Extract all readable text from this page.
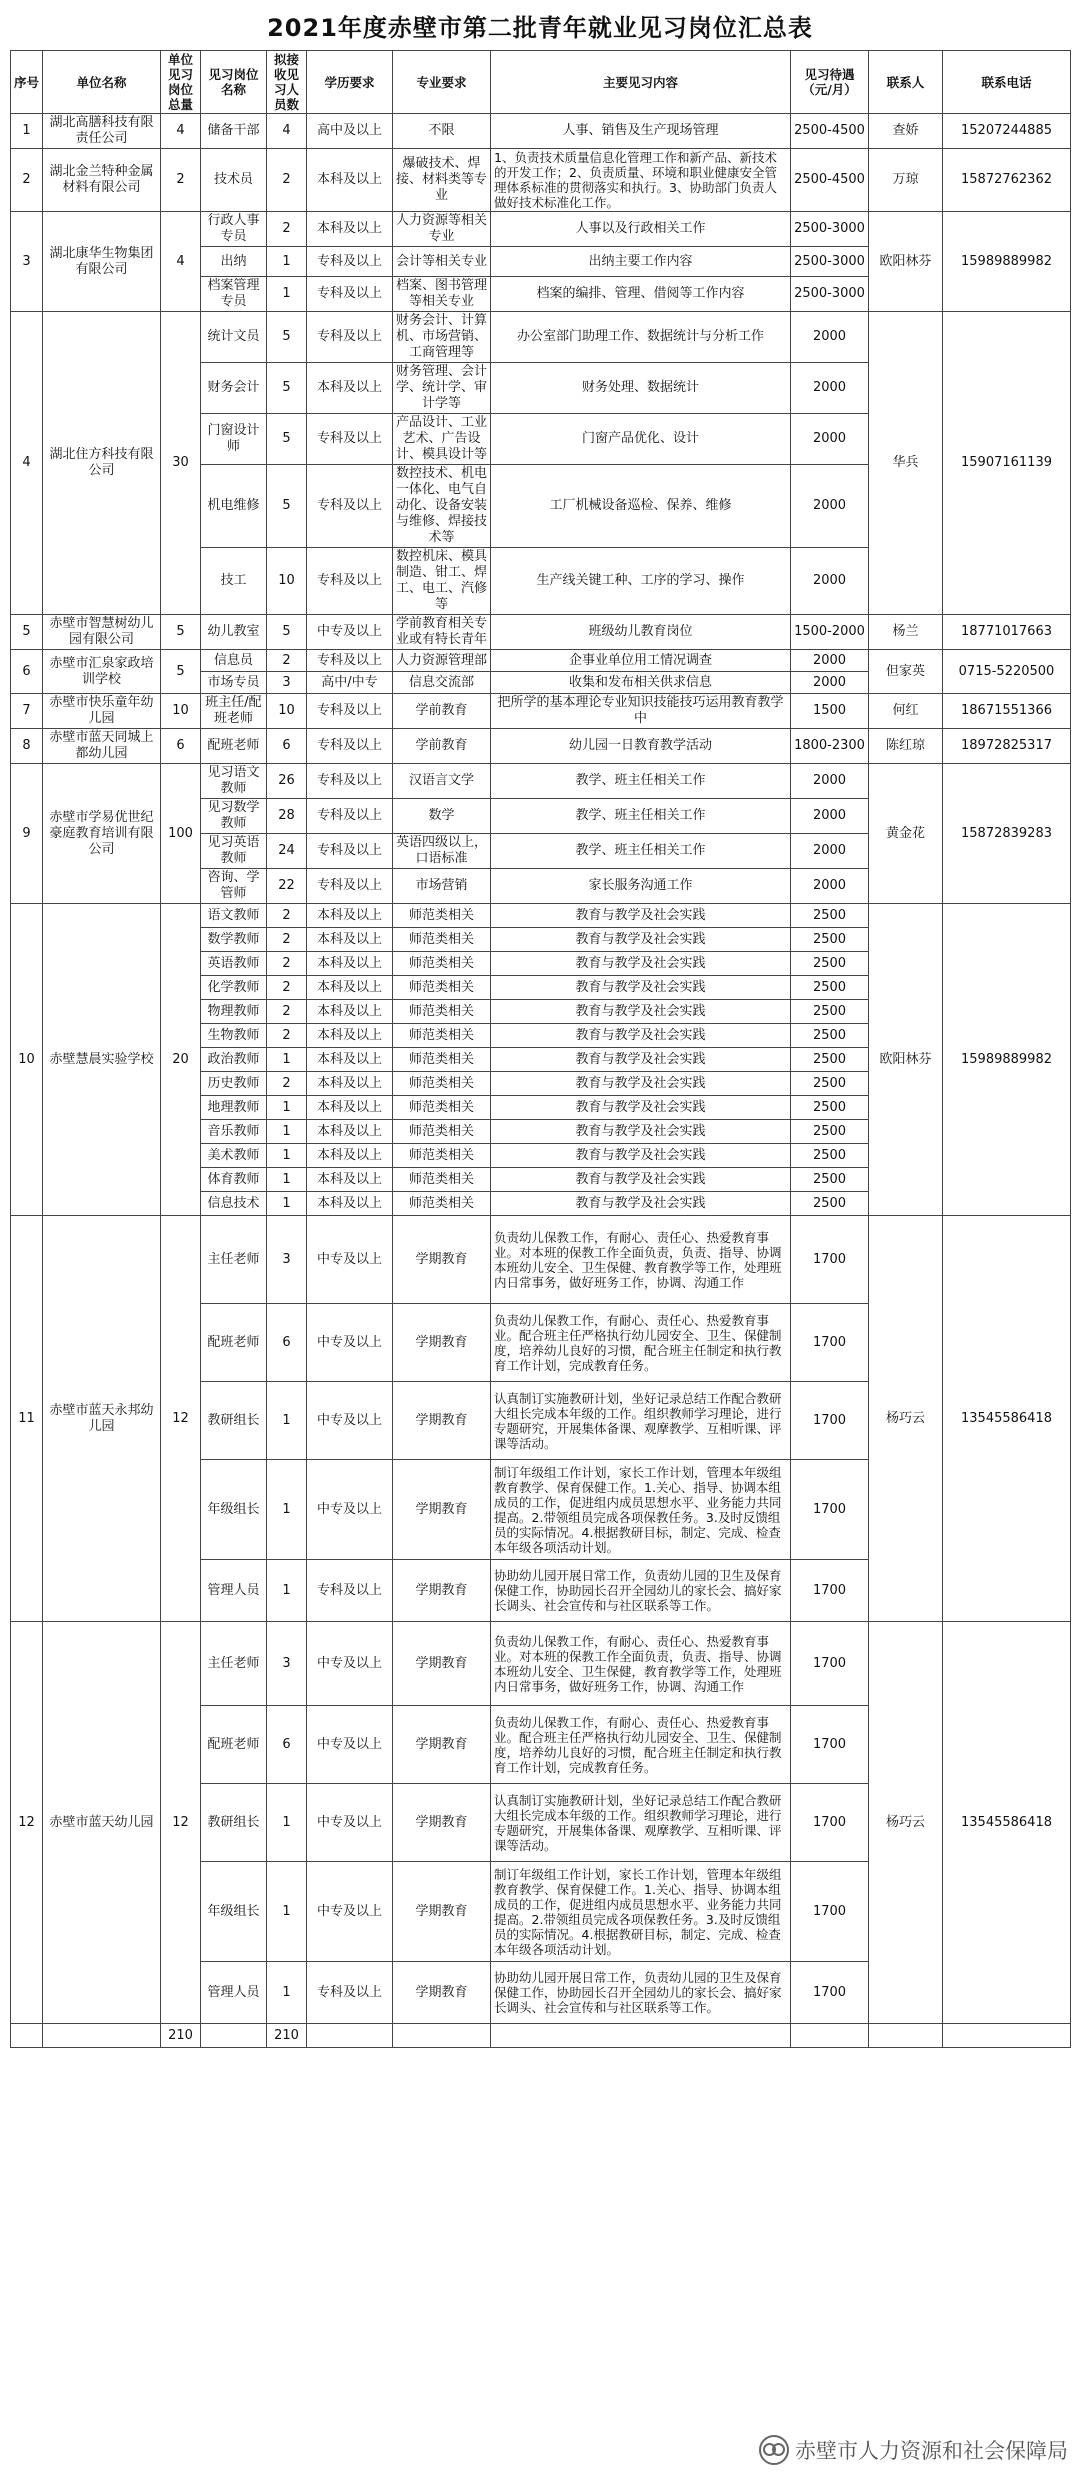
2021年度赤壁市第二批青年就业见习岗位汇总表
序号	单位名称	单位见习岗位总量	见习岗位名称	拟接收见习人员数	学历要求	专业要求	主要见习内容	见习待遇（元/月）	联系人	联系电话
1	湖北高膳科技有限责任公司	4	储备干部	4	高中及以上	不限	人事、销售及生产现场管理	2500-4500	查娇	15207244885
2	湖北金兰特种金属材料有限公司	2	技术员	2	本科及以上	爆破技术、焊接、材料类等专业	1、负责技术质量信息化管理工作和新产品、新技术的开发工作；2、负责质量、环境和职业健康安全管理体系标准的贯彻落实和执行。3、协助部门负责人做好技术标准化工作。	2500-4500	万琼	15872762362
3	湖北康华生物集团有限公司	4	行政人事专员	2	本科及以上	人力资源等相关专业	人事以及行政相关工作	2500-3000	欧阳林芬	15989889982
			出纳	1	专科及以上	会计等相关专业	出纳主要工作内容	2500-3000		
			档案管理专员	1	专科及以上	档案、图书管理等相关专业	档案的编排、管理、借阅等工作内容	2500-3000		
4	湖北住方科技有限公司	30	统计文员	5	专科及以上	财务会计、计算机、市场营销、工商管理等	办公室部门助理工作、数据统计与分析工作	2000	华兵	15907161139
			财务会计	5	本科及以上	财务管理、会计学、统计学、审计学等	财务处理、数据统计	2000		
			门窗设计师	5	专科及以上	产品设计、工业艺术、广告设计、模具设计等	门窗产品优化、设计	2000		
			机电维修	5	专科及以上	数控技术、机电一体化、电气自动化、设备安装与维修、焊接技术等	工厂机械设备巡检、保养、维修	2000		
			技工	10	专科及以上	数控机床、模具制造、钳工、焊工、电工、汽修等	生产线关键工种、工序的学习、操作	2000		
5	赤壁市智慧树幼儿园有限公司	5	幼儿教室	5	中专及以上	学前教育相关专业或有特长青年	班级幼儿教育岗位	1500-2000	杨兰	18771017663
6	赤壁市汇泉家政培训学校	5	信息员	2	专科及以上	人力资源管理部	企事业单位用工情况调查	2000	但家英	0715-5220500
			市场专员	3	高中/中专	信息交流部	收集和发布相关供求信息	2000		
7	赤壁市快乐童年幼儿园	10	班主任/配班老师	10	专科及以上	学前教育	把所学的基本理论专业知识技能技巧运用教育教学中	1500	何红	18671551366
8	赤壁市蓝天同城上都幼儿园	6	配班老师	6	专科及以上	学前教育	幼儿园一日教育教学活动	1800-2300	陈红琼	18972825317
9	赤壁市学易优世纪豪庭教育培训有限公司	100	见习语文教师	26	专科及以上	汉语言文学	教学、班主任相关工作	2000	黄金花	15872839283
			见习数学教师	28	专科及以上	数学	教学、班主任相关工作	2000		
			见习英语教师	24	专科及以上	英语四级以上，口语标准	教学、班主任相关工作	2000		
			咨询、学管师	22	专科及以上	市场营销	家长服务沟通工作	2000		
10	赤壁慧晨实验学校	20	语文教师	2	本科及以上	师范类相关	教育与教学及社会实践	2500	欧阳林芬	15989889982
			数学教师	2	本科及以上	师范类相关	教育与教学及社会实践	2500		
			英语教师	2	本科及以上	师范类相关	教育与教学及社会实践	2500		
			化学教师	2	本科及以上	师范类相关	教育与教学及社会实践	2500		
			物理教师	2	本科及以上	师范类相关	教育与教学及社会实践	2500		
			生物教师	2	本科及以上	师范类相关	教育与教学及社会实践	2500		
			政治教师	1	本科及以上	师范类相关	教育与教学及社会实践	2500		
			历史教师	2	本科及以上	师范类相关	教育与教学及社会实践	2500		
			地理教师	1	本科及以上	师范类相关	教育与教学及社会实践	2500		
			音乐教师	1	本科及以上	师范类相关	教育与教学及社会实践	2500		
			美术教师	1	本科及以上	师范类相关	教育与教学及社会实践	2500		
			体育教师	1	本科及以上	师范类相关	教育与教学及社会实践	2500		
			信息技术	1	本科及以上	师范类相关	教育与教学及社会实践	2500		
11	赤壁市蓝天永邦幼儿园	12	主任老师	3	中专及以上	学期教育	负责幼儿保教工作，有耐心、责任心、热爱教育事业。对本班的保教工作全面负责，负责、指导、协调本班幼儿安全、卫生保健、教育教学等工作，处理班内日常事务，做好班务工作，协调、沟通工作	1700	杨巧云	13545586418
			配班老师	6	中专及以上	学期教育	负责幼儿保教工作，有耐心、责任心、热爱教育事业。配合班主任严格执行幼儿园安全、卫生、保健制度，培养幼儿良好的习惯，配合班主任制定和执行教育工作计划，完成教育任务。	1700		
			教研组长	1	中专及以上	学期教育	认真制订实施教研计划，坐好记录总结工作配合教研大组长完成本年级的工作。组织教师学习理论，进行专题研究，开展集体备课、观摩教学、互相听课、评课等活动。	1700		
			年级组长	1	中专及以上	学期教育	制订年级组工作计划，家长工作计划，管理本年级组教育教学、保育保健工作。1.关心、指导、协调本组成员的工作，促进组内成员思想水平、业务能力共同提高。2.带领组员完成各项保教任务。3.及时反馈组员的实际情况。4.根据教研目标，制定、完成、检查本年级各项活动计划。	1700		
			管理人员	1	专科及以上	学期教育	协助幼儿园开展日常工作，负责幼儿园的卫生及保育保健工作，协助园长召开全园幼儿的家长会、搞好家长调头、社会宣传和与社区联系等工作。	1700		
12	赤壁市蓝天幼儿园	12	主任老师	3	中专及以上	学期教育	负责幼儿保教工作，有耐心、责任心、热爱教育事业。对本班的保教工作全面负责，负责、指导、协调本班幼儿安全、卫生保健，教育教学等工作，处理班内日常事务，做好班务工作，协调、沟通工作	1700	杨巧云	13545586418
			配班老师	6	中专及以上	学期教育	负责幼儿保教工作，有耐心、责任心、热爱教育事业。配合班主任严格执行幼儿园安全、卫生、保健制度，培养幼儿良好的习惯，配合班主任制定和执行教育工作计划，完成教育任务。	1700		
			教研组长	1	中专及以上	学期教育	认真制订实施教研计划，坐好记录总结工作配合教研大组长完成本年级的工作。组织教师学习理论，进行专题研究，开展集体备课、观摩教学、互相听课、评课等活动。	1700		
			年级组长	1	中专及以上	学期教育	制订年级组工作计划，家长工作计划，管理本年级组教育教学、保育保健工作。1.关心、指导、协调本组成员的工作，促进组内成员思想水平、业务能力共同提高。2.带领组员完成各项保教任务。3.及时反馈组员的实际情况。4.根据教研目标，制定、完成、检查本年级各项活动计划。	1700		
			管理人员	1	专科及以上	学期教育	协助幼儿园开展日常工作，负责幼儿园的卫生及保育保健工作，协助园长召开全园幼儿的家长会、搞好家长调头、社会宣传和与社区联系等工作。	1700		
		210		210						
赤壁市人力资源和社会保障局
